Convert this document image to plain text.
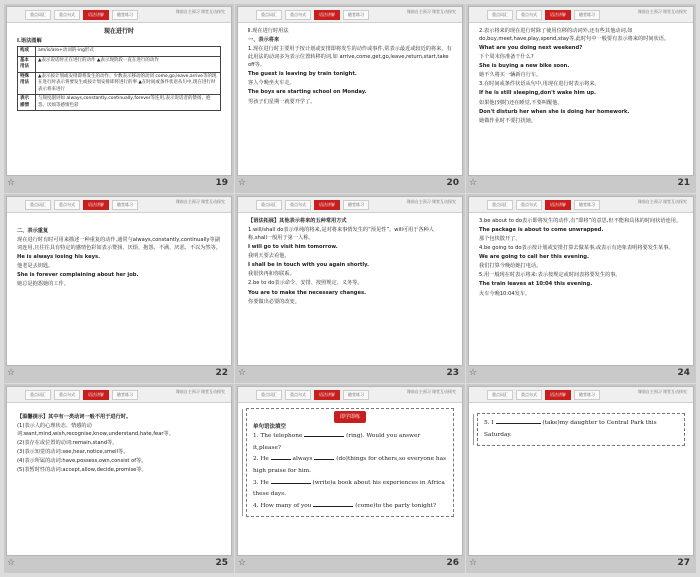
重点词汇	重点句式	语法讲解	随堂练习	课前自主预习 课堂互动探究

现在进行时

Ⅰ.语法图解

构成	am/is/are+动词的-ing形式
基本用法	▲表示说话时正在进行的动作 ▲表示现阶段一直在进行的动作
特殊用法	▲表示按计划或安排即将发生的动作；少数表示移动的动词 come,go,leave,arrive等的现在进行时表示将要发生或按计划安排即将进行的事 ▲在时间或条件状语从句中,现在进行时表示将来进行
表示感情	与频度副词如 always,constantly,continually,forever等连用,表示说话者的赞扬、抱怨、厌烦等感情色彩
☆	19
重点词汇	重点句式	语法讲解	随堂练习	课前自主预习 课堂互动探究

Ⅱ.现在进行时用法

一、表示将来

1.现在进行时主要用于按计划或安排即将发生的动作或事件,常表示最近或较近的将来。有此用法的动词多为表示位置转移的词,如 arrive,come,get,go,leave,return,start,take off等。

The guest is leaving by train tonight.

客人今晚坐火车走。

The boys are starting school on Monday.

男孩子们星期一就要开学了。

☆	20
重点词汇	重点句式	语法讲解	随堂练习	课前自主预习 课堂互动探究

2.表示将来的现在进行时除了使用位移的动词外,还有些其他动词,如do,buy,meet,have,play,spend,stay等,此时句中一般要有表示将来的时间状语。

What are you doing next weekend?

下个周末你准备干什么?

She is buying a new bike soon.

她不久将买一辆新自行车。

3.在时间或条件状语从句中,用现在进行时表示将来。

If he is still sleeping,don't wake him up.

如果他(到时)还在睡觉,不要叫醒他。

Don't disturb her when she is doing her homework.

她做作业时不要打扰她。

☆	21
重点词汇	重点句式	语法讲解	随堂练习	课前自主预习 课堂互动探究

二、表示重复

现在进行时有时可用来描述一种重复的动作,通常与always,constantly,continually等副词连用,且往往具有特定的感情色彩如表示赞扬、厌烦、抱怨、不满、厌恶、不以为然等。

He is always losing his keys.

他老是丢钥匙。

She is forever complaining about her job.

她总是抱怨她的工作。

☆	22
重点词汇	重点句式	语法讲解	随堂练习	课前自主预习 课堂互动探究

【语法拓展】其他表示将来的五种常用方式

1.will/shall do表示单纯的将来,是对将来事情发生的“预见性”。will可用于各种人称,shall一般用于第一人称。

I will go to visit him tomorrow.

我明天要去看他。

I shall be in touch with you again shortly.

我很快再和你联系。

2.be to do表示命令、安排、按照规定、义务等。

You are to make the necessary changes.

你要做出必要的改变。

☆	23
重点词汇	重点句式	语法讲解	随堂练习	课前自主预习 课堂互动探究

3.be about to do表示即将发生的动作,有“即将”的意思,但不能和具体的时间状语连用。

The package is about to come unwrapped.

那个包快散开了。

4.be going to do表示按计划或安排打算去做某事,或表示有迹象表明将要发生某事。

We are going to call her this evening.

我们打算今晚给她打电话。

5.用一般现在时表示将来:表示按规定或时间表将要发生的事。

The train leaves at 10:04 this evening.

火车今晚10:04发车。

☆	24
重点词汇	重点句式	语法讲解	随堂练习	课前自主预习 课堂互动探究

【温馨提示】其中有一类动词一般不用于进行时。

(1)表示人的心理状态、情感的动词:want,mind,wish,recognise,know,understand,hate,fear等。

(2)表存在或位置的动词:remain,stand等。

(3)表示知觉的动词:see,hear,notice,smell等。

(4)表示所属的动词:have,possess,own,consist of等。

(5)表暂时性的动词:accept,allow,decide,promise等。

☆	25
重点词汇	重点句式	语法讲解	随堂练习	课前自主预习 课堂互动探究
即学即练

单句语法填空

1. The telephone	(ring). Would you answer it,please?

2. He	always	(do)things for others,so everyone has high praise for him.

3. He	(write)a book about his experiences in Africa these days.

4. How many of you	(come)to the party tonight?

☆	26
重点词汇	重点句式	语法讲解	随堂练习	课前自主预习 课堂互动探究

5. I	(take)my daughter to Central Park this Saturday.

☆	27
